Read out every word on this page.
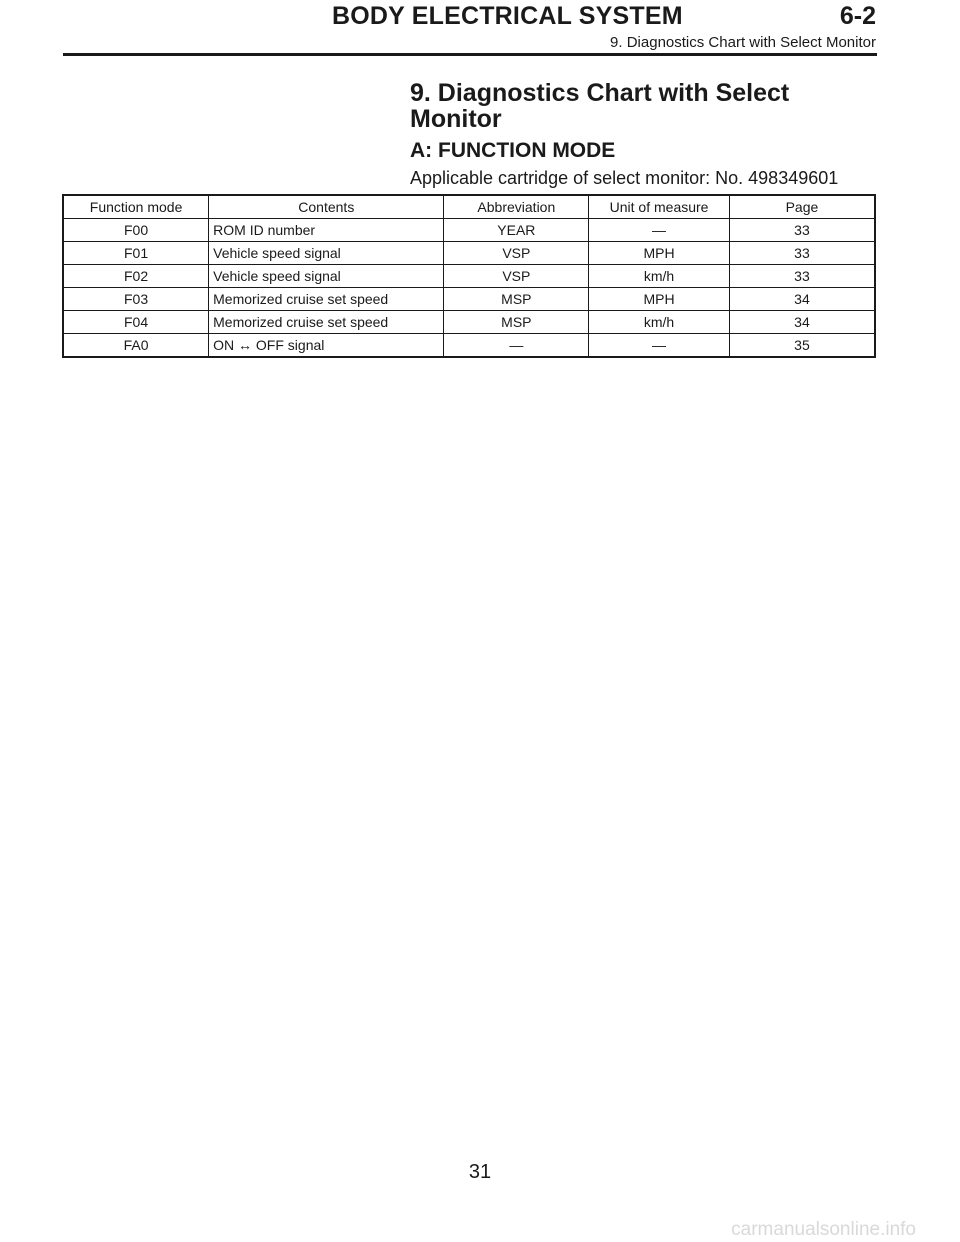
BODY ELECTRICAL SYSTEM	6-2
9. Diagnostics Chart with Select Monitor
9. Diagnostics Chart with Select
Monitor
A: FUNCTION MODE

Applicable cartridge of select monitor: No. 498349601

Function mode	Contents	Abbreviation	Unit of measure	Page
F00	ROM ID number	YEAR	—	33
F01	Vehicle speed signal	VSP	MPH	33
F02	Vehicle speed signal	VSP	km/h	33
F03	Memorized cruise set speed	MSP	MPH	34
F04	Memorized cruise set speed	MSP	km/h	34
FA0	ON ↔ OFF signal	—	—	35
31
carmanualsonline.info
